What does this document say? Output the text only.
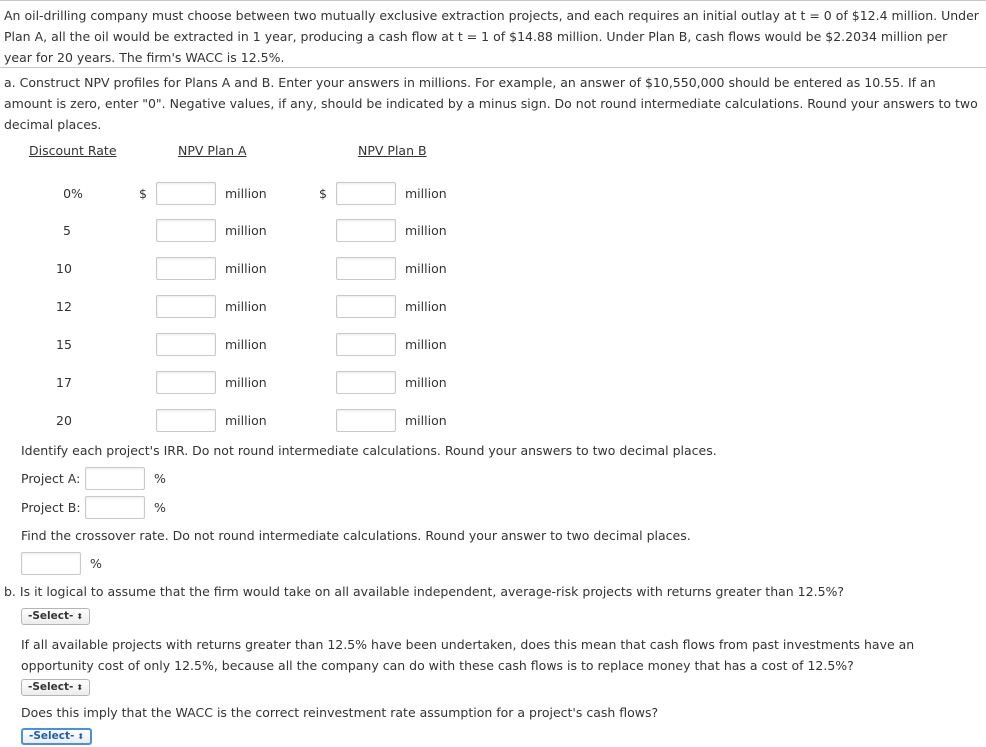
An oil-drilling company must choose between two mutually exclusive extraction projects, and each requires an initial outlay at t = 0 of $12.4 million. Under Plan A, all the oil would be extracted in 1 year, producing a cash flow at t = 1 of $14.88 million. Under Plan B, cash flows would be $2.2034 million per year for 20 years. The firm's WACC is 12.5%.
a. Construct NPV profiles for Plans A and B. Enter your answers in millions. For example, an answer of $10,550,000 should be entered as 10.55. If an amount is zero, enter "0". Negative values, if any, should be indicated by a minus sign. Do not round intermediate calculations. Round your answers to two decimal places.
Discount Rate	NPV Plan A	NPV Plan B
0%	$	million	$	million
5	million	million
10	million	million
12	million	million
15	million	million
17	million	million
20	million	million
Identify each project's IRR. Do not round intermediate calculations. Round your answers to two decimal places.
Project A:	%
Project B:	%
Find the crossover rate. Do not round intermediate calculations. Round your answer to two decimal places.
%
b. Is it logical to assume that the firm would take on all available independent, average-risk projects with returns greater than 12.5%?
-Select- ⬍
If all available projects with returns greater than 12.5% have been undertaken, does this mean that cash flows from past investments have an opportunity cost of only 12.5%, because all the company can do with these cash flows is to replace money that has a cost of 12.5%?
-Select- ⬍
Does this imply that the WACC is the correct reinvestment rate assumption for a project's cash flows?
-Select- ⬍
